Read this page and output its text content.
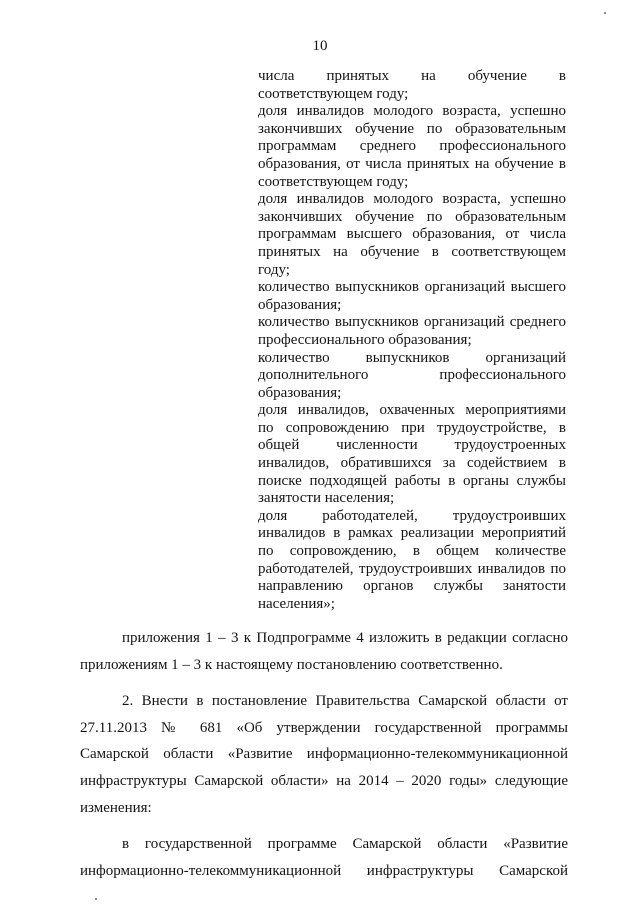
10
числа принятых на обучение в
соответствующем году;
доля инвалидов молодого возраста, успешно
закончивших обучение по образовательным
программам среднего профессионального
образования, от числа принятых на обучение в
соответствующем году;
доля инвалидов молодого возраста, успешно
закончивших обучение по образовательным
программам высшего образования, от числа
принятых на обучение в соответствующем
году;
количество выпускников организаций высшего
образования;
количество выпускников организаций среднего
профессионального образования;
количество выпускников организаций
дополнительного профессионального
образования;
доля инвалидов, охваченных мероприятиями
по сопровождению при трудоустройстве, в
общей численности трудоустроенных
инвалидов, обратившихся за содействием в
поиске подходящей работы в органы службы
занятости населения;
доля работодателей, трудоустроивших
инвалидов в рамках реализации мероприятий
по сопровождению, в общем количестве
работодателей, трудоустроивших инвалидов по
направлению органов службы занятости
населения»;
приложения 1 – 3 к Подпрограмме 4 изложить в редакции согласно
приложениям 1 – 3 к настоящему постановлению соответственно.
2. Внести в постановление Правительства Самарской области от
27.11.2013 № 681 «Об утверждении государственной программы
Самарской области «Развитие информационно-телекоммуникационной
инфраструктуры Самарской области» на 2014 – 2020 годы» следующие
изменения:
в государственной программе Самарской области «Развитие
информационно-телекоммуникационной инфраструктуры Самарской
